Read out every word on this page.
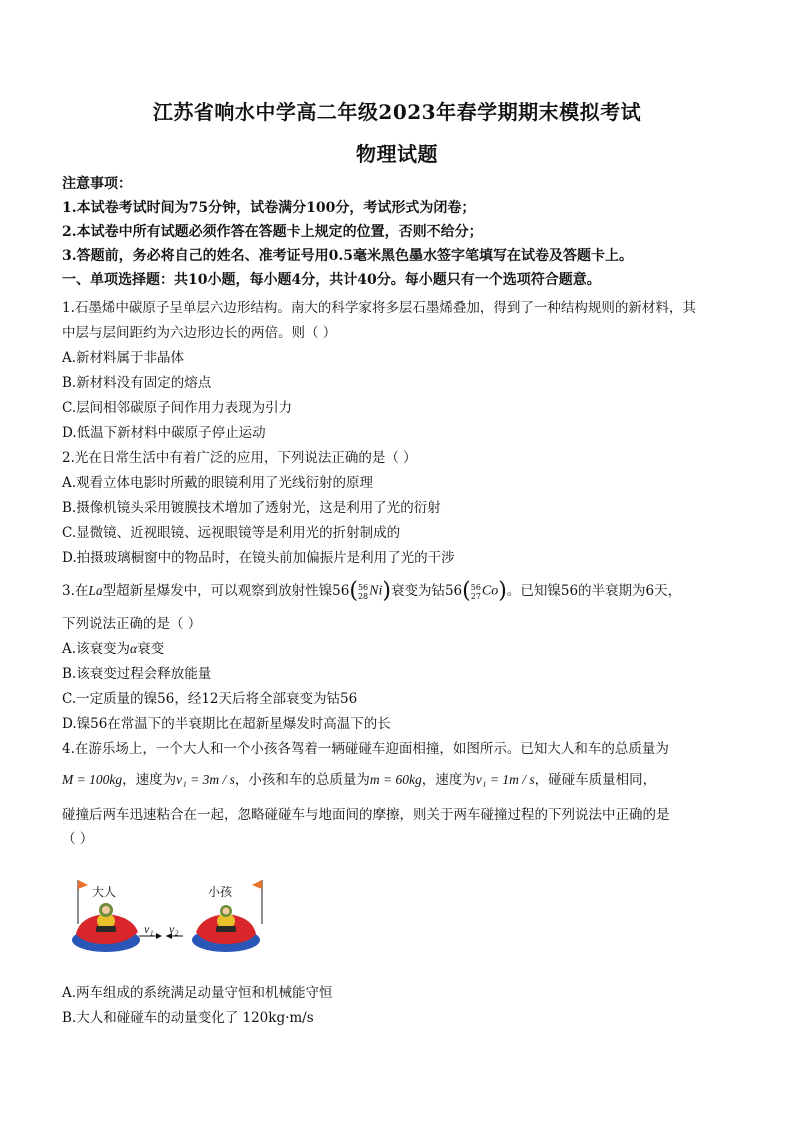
江苏省响水中学高二年级2023年春学期期末模拟考试
物理试题
注意事项：
1.本试卷考试时间为75分钟，试卷满分100分，考试形式为闭卷；
2.本试卷中所有试题必须作答在答题卡上规定的位置，否则不给分；
3.答题前，务必将自己的姓名、准考证号用0.5毫米黑色墨水签字笔填写在试卷及答题卡上。
一、单项选择题：共10小题，每小题4分，共计40分。每小题只有一个选项符合题意。
1.石墨烯中碳原子呈单层六边形结构。南大的科学家将多层石墨烯叠加，得到了一种结构规则的新材料，其
中层与层间距约为六边形边长的两倍。则（ ）
A.新材料属于非晶体
B.新材料没有固定的熔点
C.层间相邻碳原子间作用力表现为引力
D.低温下新材料中碳原子停止运动
2.光在日常生活中有着广泛的应用，下列说法正确的是（ ）
A.观看立体电影时所戴的眼镜利用了光线衍射的原理
B.摄像机镜头采用镀膜技术增加了透射光，这是利用了光的衍射
C.显微镜、近视眼镜、远视眼镜等是利用光的折射制成的
D.拍摄玻璃橱窗中的物品时，在镜头前加偏振片是利用了光的干涉
3.在La型超新星爆发中，可以观察到放射性镍56( 56
28 Ni)衰变为钴56( 56
27 Co)。已知镍56的半衰期为6天，
下列说法正确的是（ ）
A.该衰变为α衰变
B.该衰变过程会释放能量
C.一定质量的镍56，经12天后将全部衰变为钴56
D.镍56在常温下的半衰期比在超新星爆发时高温下的长
4.在游乐场上，一个大人和一个小孩各驾着一辆碰碰车迎面相撞，如图所示。已知大人和车的总质量为
M = 100kg，速度为v₁ = 3m / s，小孩和车的总质量为m = 60kg，速度为v₁ = 1m / s，碰碰车质量相同，
碰撞后两车迅速粘合在一起，忽略碰碰车与地面间的摩擦，则关于两车碰撞过程的下列说法中正确的是
（ ）
大人
v₁ v₂
小孩
A.两车组成的系统满足动量守恒和机械能守恒
B.大人和碰碰车的动量变化了 120kg·m/s
